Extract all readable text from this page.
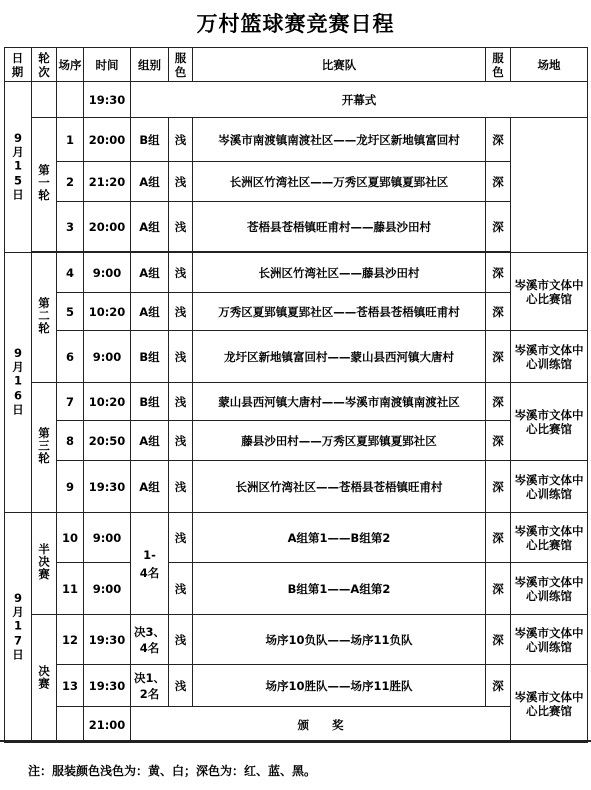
万村篮球赛竞赛日程
日期	轮次	场序	时间	组别	服色	比赛队	服色	场地	
9月15日			19:30	开幕式	
	第一轮	1	20:00	B组	浅	岑溪市南渡镇南渡社区——龙圩区新地镇富回村	深		
		2	21:20	A组	浅	长洲区竹湾社区——万秀区夏郢镇夏郢社区	深		
		3	20:00	A组	浅	苍梧县苍梧镇旺甫村——藤县沙田村	深		

9月16日	第二轮	4	9:00	A组	浅	长洲区竹湾社区——藤县沙田村	深	岑溪市文体中心比赛馆	
		5	10:20	A组	浅	万秀区夏郢镇夏郢社区——苍梧县苍梧镇旺甫村	深		
		6	9:00	B组	浅	龙圩区新地镇富回村——蒙山县西河镇大唐村	深	岑溪市文体中心训练馆	
	第三轮	7	10:20	B组	浅	蒙山县西河镇大唐村——岑溪市南渡镇南渡社区	深	岑溪市文体中心比赛馆	
		8	20:50	A组	浅	藤县沙田村——万秀区夏郢镇夏郢社区	深		
		9	19:30	A组	浅	长洲区竹湾社区——苍梧县苍梧镇旺甫村	深	岑溪市文体中心训练馆	
9月17日	半决赛	10	9:00	1-4名	浅	A组第1——B组第2	深	岑溪市文体中心比赛馆	
		11	9:00		浅	B组第1——A组第2	深	岑溪市文体中心训练馆	
	决赛	12	19:30	决3、4名	浅	场序10负队——场序11负队	深	岑溪市文体中心训练馆	
		13	19:30	决1、2名	浅	场序10胜队——场序11胜队	深	岑溪市文体中心比赛馆	
			21:00	颁　　奖					
注：服装颜色浅色为：黄、白；深色为：红、蓝、黑。
